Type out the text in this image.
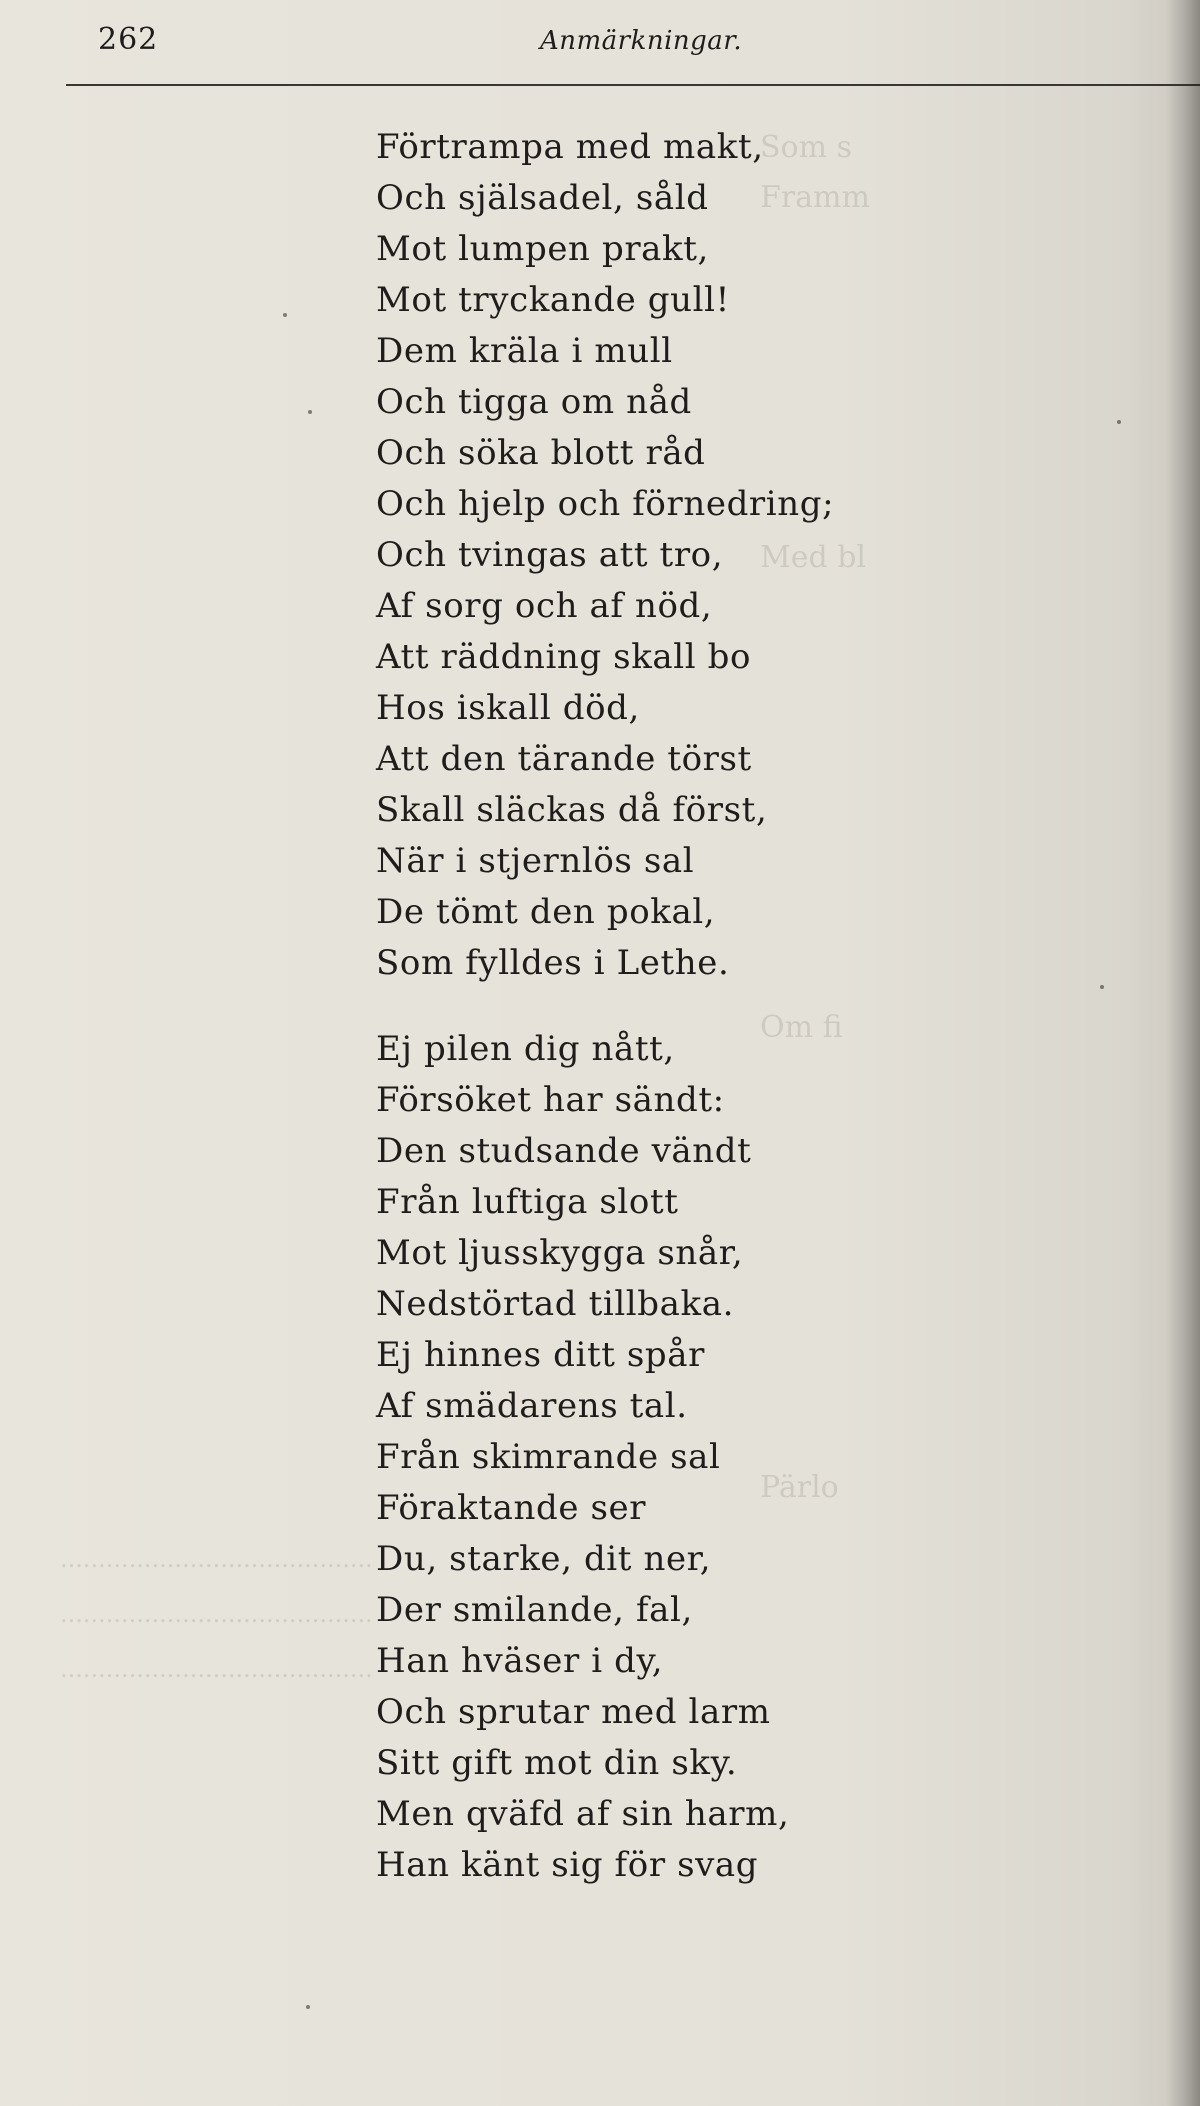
Som s
Framm
Med bl
Om fi
Pärlo
.........................................
.........................................
.........................................
262	Anmärkningar.
Förtrampa med makt,
Och själsadel, såld
Mot lumpen prakt,
Mot tryckande gull!
Dem kräla i mull
Och tigga om nåd
Och söka blott råd
Och hjelp och förnedring;
Och tvingas att tro,
Af sorg och af nöd,
Att räddning skall bo
Hos iskall död,
Att den tärande törst
Skall släckas då först,
När i stjernlös sal
De tömt den pokal,
Som fylldes i Lethe.
Ej pilen dig nått,
Försöket har sändt:
Den studsande vändt
Från luftiga slott
Mot ljusskygga snår,
Nedstörtad tillbaka.
Ej hinnes ditt spår
Af smädarens tal.
Från skimrande sal
Föraktande ser
Du, starke, dit ner,
Der smilande, fal,
Han hväser i dy,
Och sprutar med larm
Sitt gift mot din sky.
Men qväfd af sin harm,
Han känt sig för svag
